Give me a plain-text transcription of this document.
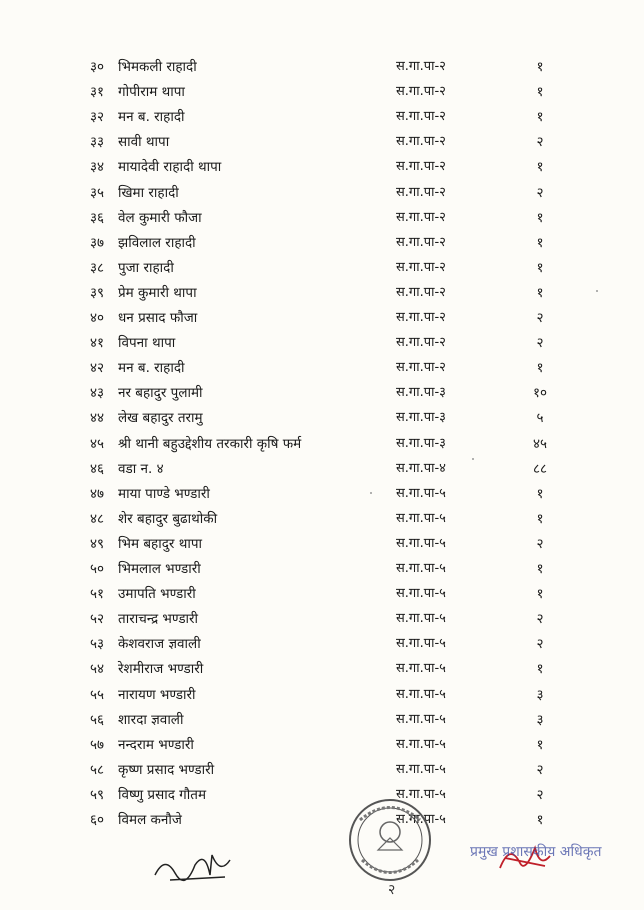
३० भिमकली राहादी	स.गा.पा-२	१
३१ गोपीराम थापा	स.गा.पा-२	१
३२ मन ब. राहादी	स.गा.पा-२	१
३३ सावी थापा	स.गा.पा-२	२
३४ मायादेवी राहादी थापा	स.गा.पा-२	१
३५ खिमा राहादी	स.गा.पा-२	२
३६ वेल कुमारी फौजा	स.गा.पा-२	१
३७ झविलाल राहादी	स.गा.पा-२	१
३८ पुजा राहादी	स.गा.पा-२	१
३९ प्रेम कुमारी थापा	स.गा.पा-२	१
४० धन प्रसाद फौजा	स.गा.पा-२	२
४१ विपना थापा	स.गा.पा-२	२
४२ मन ब. राहादी	स.गा.पा-२	१
४३ नर बहादुर पुलामी	स.गा.पा-३	१०
४४ लेख बहादुर तरामु	स.गा.पा-३	५
४५ श्री थानी बहुउद्देशीय तरकारी कृषि फर्म	स.गा.पा-३	४५
४६ वडा न. ४	स.गा.पा-४	८८
४७ माया पाण्डे भण्डारी	स.गा.पा-५	१
४८ शेर बहादुर बुढाथोकी	स.गा.पा-५	१
४९ भिम बहादुर थापा	स.गा.पा-५	२
५० भिमलाल भण्डारी	स.गा.पा-५	१
५१ उमापति भण्डारी	स.गा.पा-५	१
५२ ताराचन्द्र भण्डारी	स.गा.पा-५	२
५३ केशवराज ज्ञवाली	स.गा.पा-५	२
५४ रेशमीराज भण्डारी	स.गा.पा-५	१
५५ नारायण भण्डारी	स.गा.पा-५	३
५६ शारदा ज्ञवाली	स.गा.पा-५	३
५७ नन्दराम भण्डारी	स.गा.पा-५	१
५८ कृष्ण प्रसाद भण्डारी	स.गा.पा-५	२
५९ विष्णु प्रसाद गौतम	स.गा.पा-५	२
६० विमल कनौजे	स.गा.पा-५	१
२
प्रमुख प्रशासकीय अधिकृत
